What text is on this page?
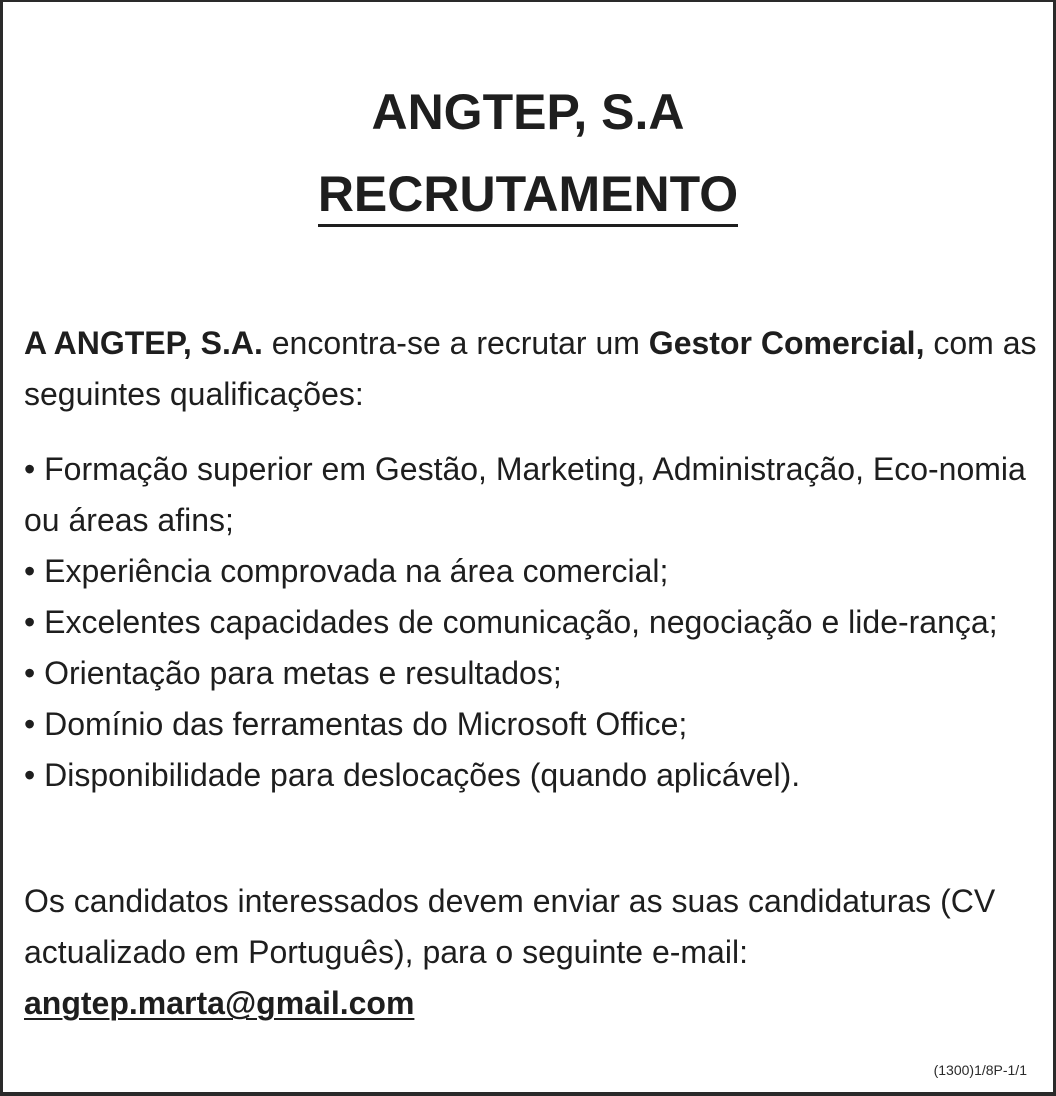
ANGTEP, S.A
RECRUTAMENTO
A ANGTEP, S.A. encontra-se a recrutar um Gestor Comercial, com as seguintes qualificações:
• Formação superior em Gestão, Marketing, Administração, Eco-nomia ou áreas afins;
• Experiência comprovada na área comercial;
• Excelentes capacidades de comunicação, negociação e lide-rança;
• Orientação para metas e resultados;
• Domínio das ferramentas do Microsoft Office;
• Disponibilidade para deslocações (quando aplicável).
Os candidatos interessados devem enviar as suas candidaturas (CV actualizado em Português), para o seguinte e-mail:
angtep.marta@gmail.com
(1300)1/8P-1/1
